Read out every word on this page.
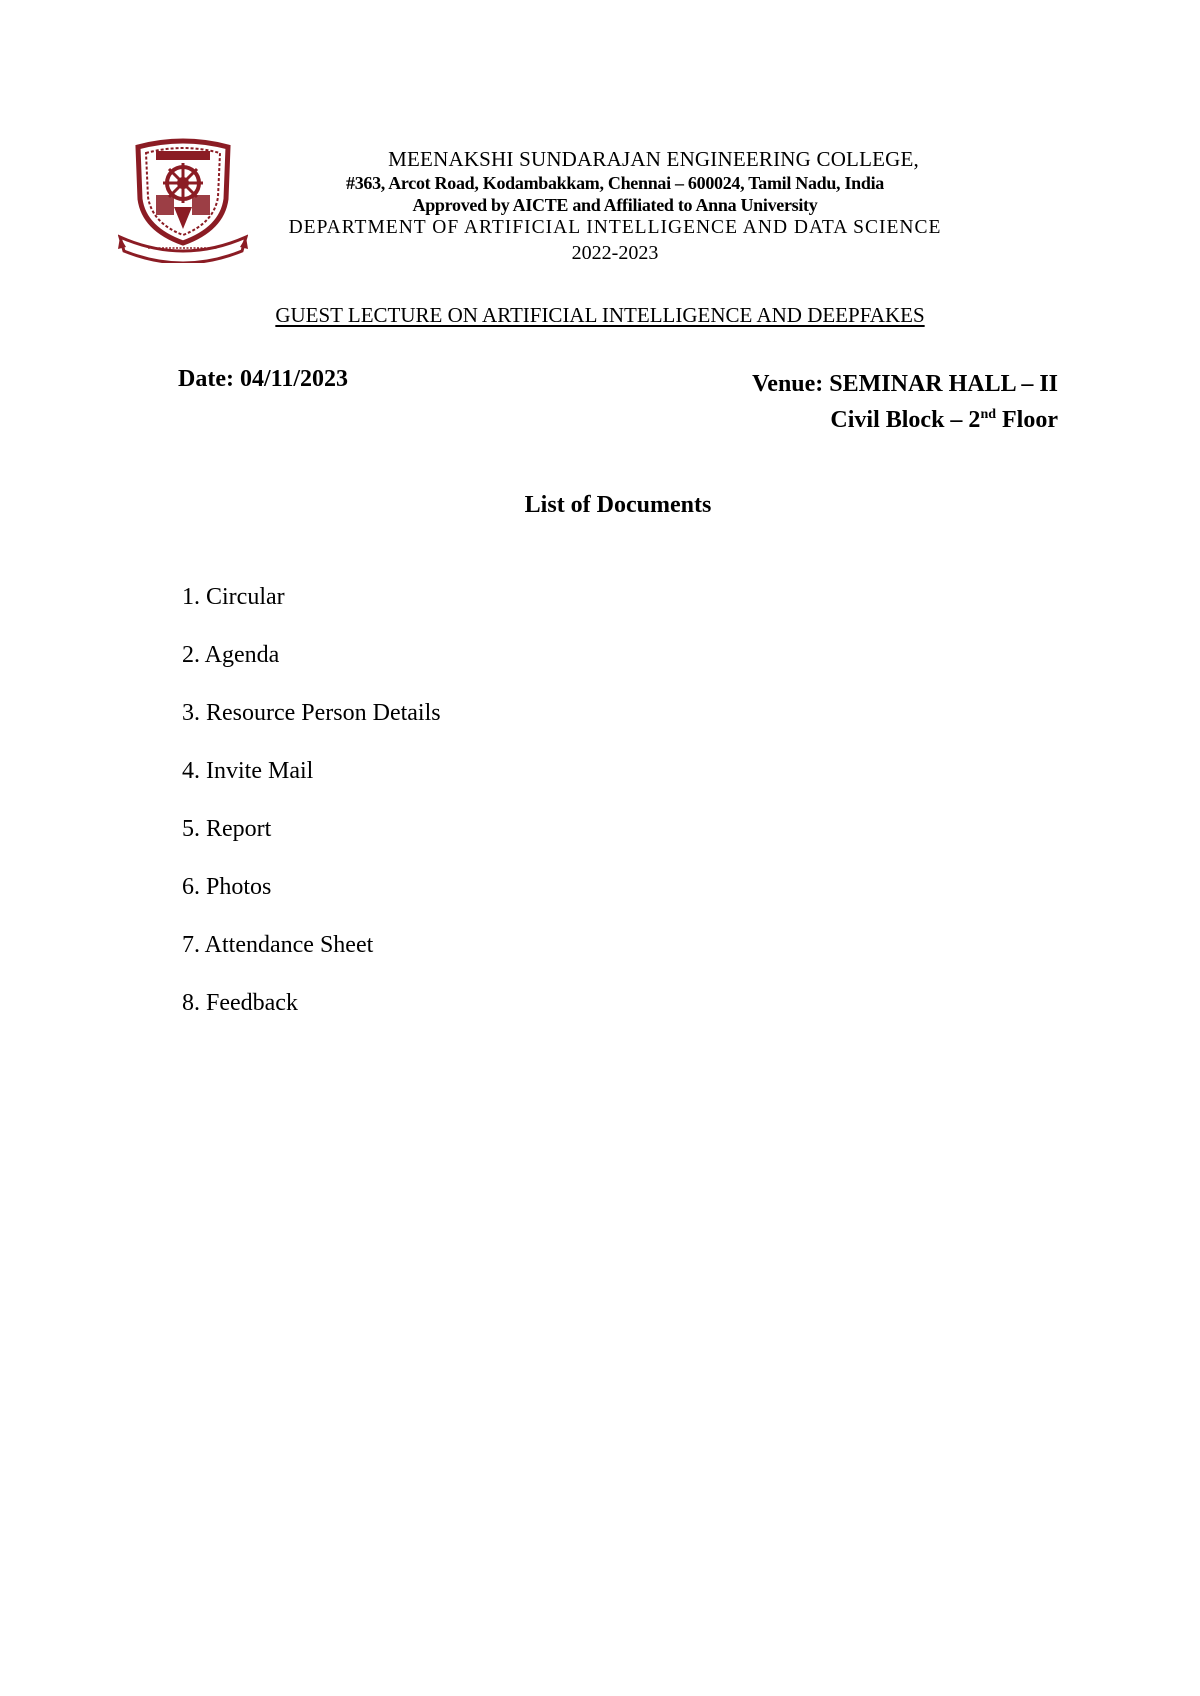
MEENAKSHI SUNDARAJAN ENGINEERING COLLEGE,
#363, Arcot Road, Kodambakkam, Chennai – 600024, Tamil Nadu, India
Approved by AICTE and Affiliated to Anna University
DEPARTMENT OF ARTIFICIAL INTELLIGENCE AND DATA SCIENCE
2022-2023
GUEST LECTURE ON ARTIFICIAL INTELLIGENCE AND DEEPFAKES
Date: 04/11/2023	Venue: SEMINAR HALL – II
Civil Block – 2nd Floor
List of Documents
1. Circular
2. Agenda
3. Resource Person Details
4. Invite Mail
5. Report
6. Photos
7. Attendance Sheet
8. Feedback
